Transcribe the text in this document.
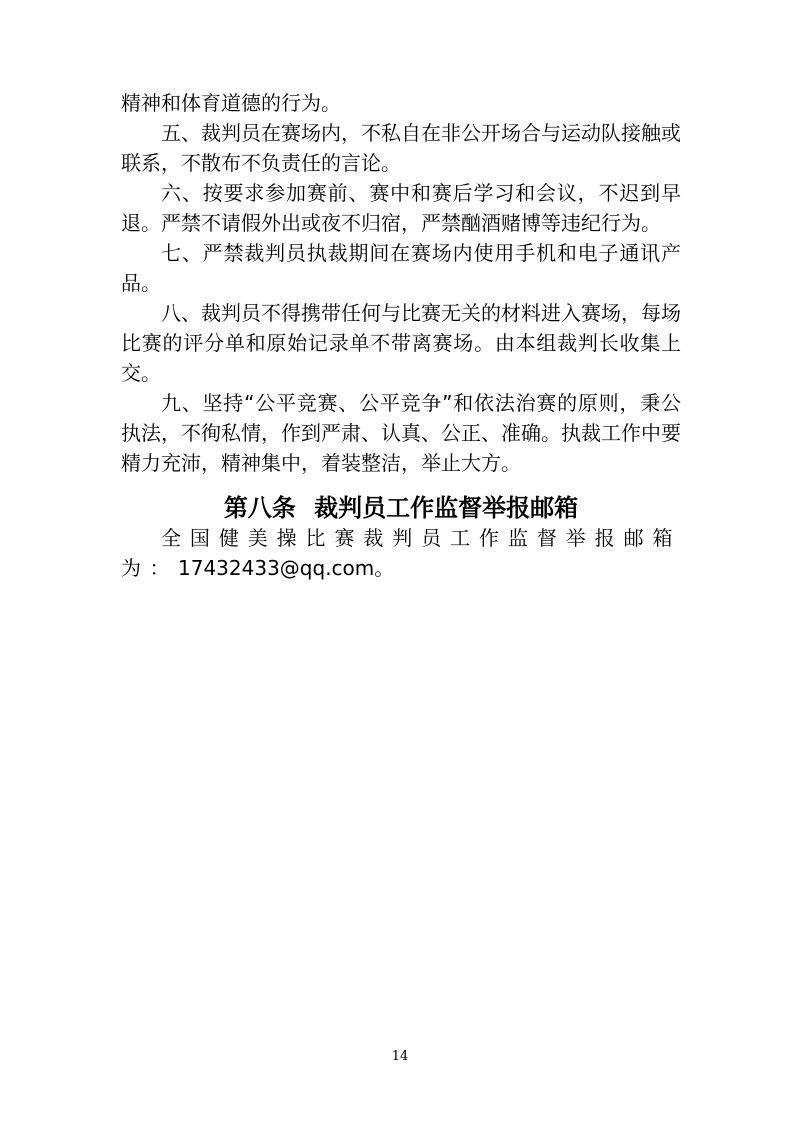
精神和体育道德的行为。

五、裁判员在赛场内，不私自在非公开场合与运动队接触或联系，不散布不负责任的言论。

六、按要求参加赛前、赛中和赛后学习和会议，不迟到早退。严禁不请假外出或夜不归宿，严禁酗酒赌博等违纪行为。

七、严禁裁判员执裁期间在赛场内使用手机和电子通讯产品。

八、裁判员不得携带任何与比赛无关的材料进入赛场，每场比赛的评分单和原始记录单不带离赛场。由本组裁判长收集上交。

九、坚持“公平竞赛、公平竞争”和依法治赛的原则，秉公执法，不徇私情，作到严肃、认真、公正、准确。执裁工作中要精力充沛，精神集中，着装整洁，举止大方。

第八条 裁判员工作监督举报邮箱

全国健美操比赛裁判员工作监督举报邮箱为：17432433@qq.com。

14
